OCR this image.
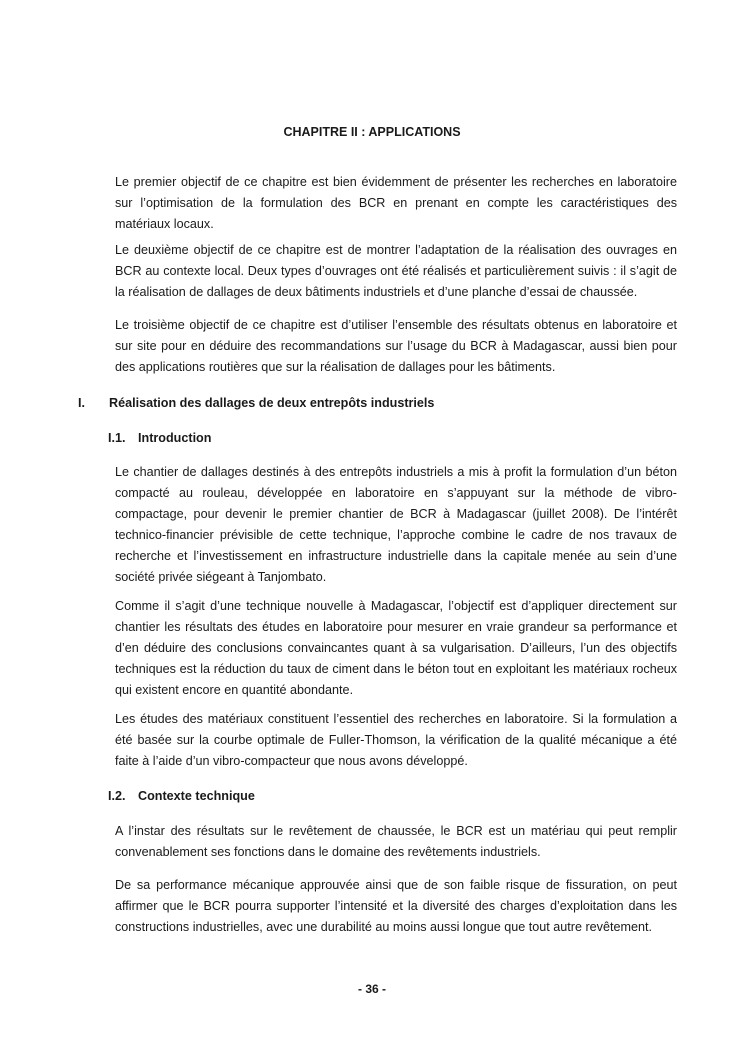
CHAPITRE II : APPLICATIONS

Le premier objectif de ce chapitre est bien évidemment de présenter les recherches en laboratoire sur l’optimisation de la formulation des BCR en prenant en compte les caractéristiques des matériaux locaux.

Le deuxième objectif de ce chapitre est de montrer l’adaptation de la réalisation des ouvrages en BCR au contexte local. Deux types d’ouvrages ont été réalisés et particulièrement suivis : il s’agit de la réalisation de dallages de deux bâtiments industriels et d’une planche d’essai de chaussée.

Le troisième objectif de ce chapitre est d’utiliser l’ensemble des résultats obtenus en laboratoire et sur site pour en déduire des recommandations sur l’usage du BCR à Madagascar, aussi bien pour des applications routières que sur la réalisation de dallages pour les bâtiments.

I. Réalisation des dallages de deux entrepôts industriels
I.1. Introduction

Le chantier de dallages destinés à des entrepôts industriels a mis à profit la formulation d’un béton compacté au rouleau, développée en laboratoire en s’appuyant sur la méthode de vibro-compactage, pour devenir le premier chantier de BCR à Madagascar (juillet 2008). De l’intérêt technico-financier prévisible de cette technique, l’approche combine le cadre de nos travaux de recherche et l’investissement en infrastructure industrielle dans la capitale menée au sein d’une société privée siégeant à Tanjombato.

Comme il s’agit d’une technique nouvelle à Madagascar, l’objectif est d’appliquer directement sur chantier les résultats des études en laboratoire pour mesurer en vraie grandeur sa performance et d’en déduire des conclusions convaincantes quant à sa vulgarisation. D’ailleurs, l’un des objectifs techniques est la réduction du taux de ciment dans le béton tout en exploitant les matériaux rocheux qui existent encore en quantité abondante.

Les études des matériaux constituent l’essentiel des recherches en laboratoire. Si la formulation a été basée sur la courbe optimale de Fuller-Thomson, la vérification de la qualité mécanique a été faite à l’aide d’un vibro-compacteur que nous avons développé.

I.2. Contexte technique

A l’instar des résultats sur le revêtement de chaussée, le BCR est un matériau qui peut remplir convenablement ses fonctions dans le domaine des revêtements industriels.

De sa performance mécanique approuvée ainsi que de son faible risque de fissuration, on peut affirmer que le BCR pourra supporter l’intensité et la diversité des charges d’exploitation dans les constructions industrielles, avec une durabilité au moins aussi longue que tout autre revêtement.

- 36 -
